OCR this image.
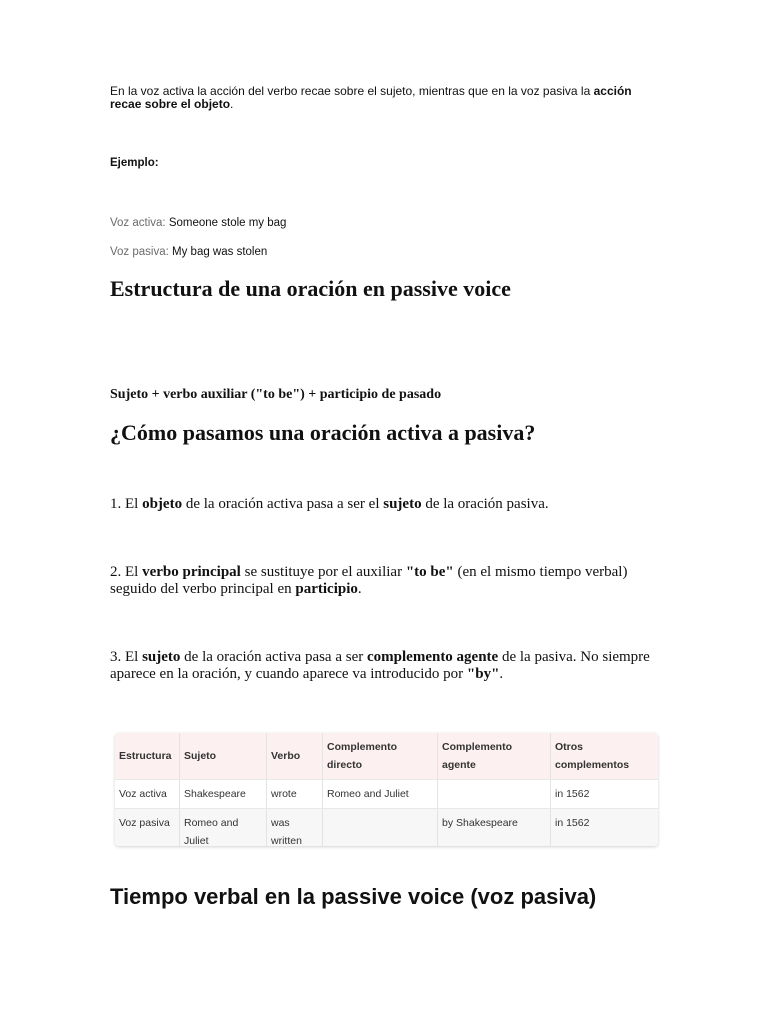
En la voz activa la acción del verbo recae sobre el sujeto, mientras que en la voz pasiva la acción recae sobre el objeto.
Ejemplo:
Voz activa: Someone stole my bag
Voz pasiva: My bag was stolen
Estructura de una oración en passive voice
Sujeto + verbo auxiliar ("to be") + participio de pasado
¿Cómo pasamos una oración activa a pasiva?
1. El objeto de la oración activa pasa a ser el sujeto de la oración pasiva.
2. El verbo principal se sustituye por el auxiliar "to be" (en el mismo tiempo verbal) seguido del verbo principal en participio.
3. El sujeto de la oración activa pasa a ser complemento agente de la pasiva. No siempre aparece en la oración, y cuando aparece va introducido por "by".
Estructura	Sujeto	Verbo	Complemento directo	Complemento agente	Otros complementos
Voz activa	Shakespeare	wrote	Romeo and Juliet		in 1562
Voz pasiva	Romeo and Juliet	was written		by Shakespeare	in 1562
Tiempo verbal en la passive voice (voz pasiva)
